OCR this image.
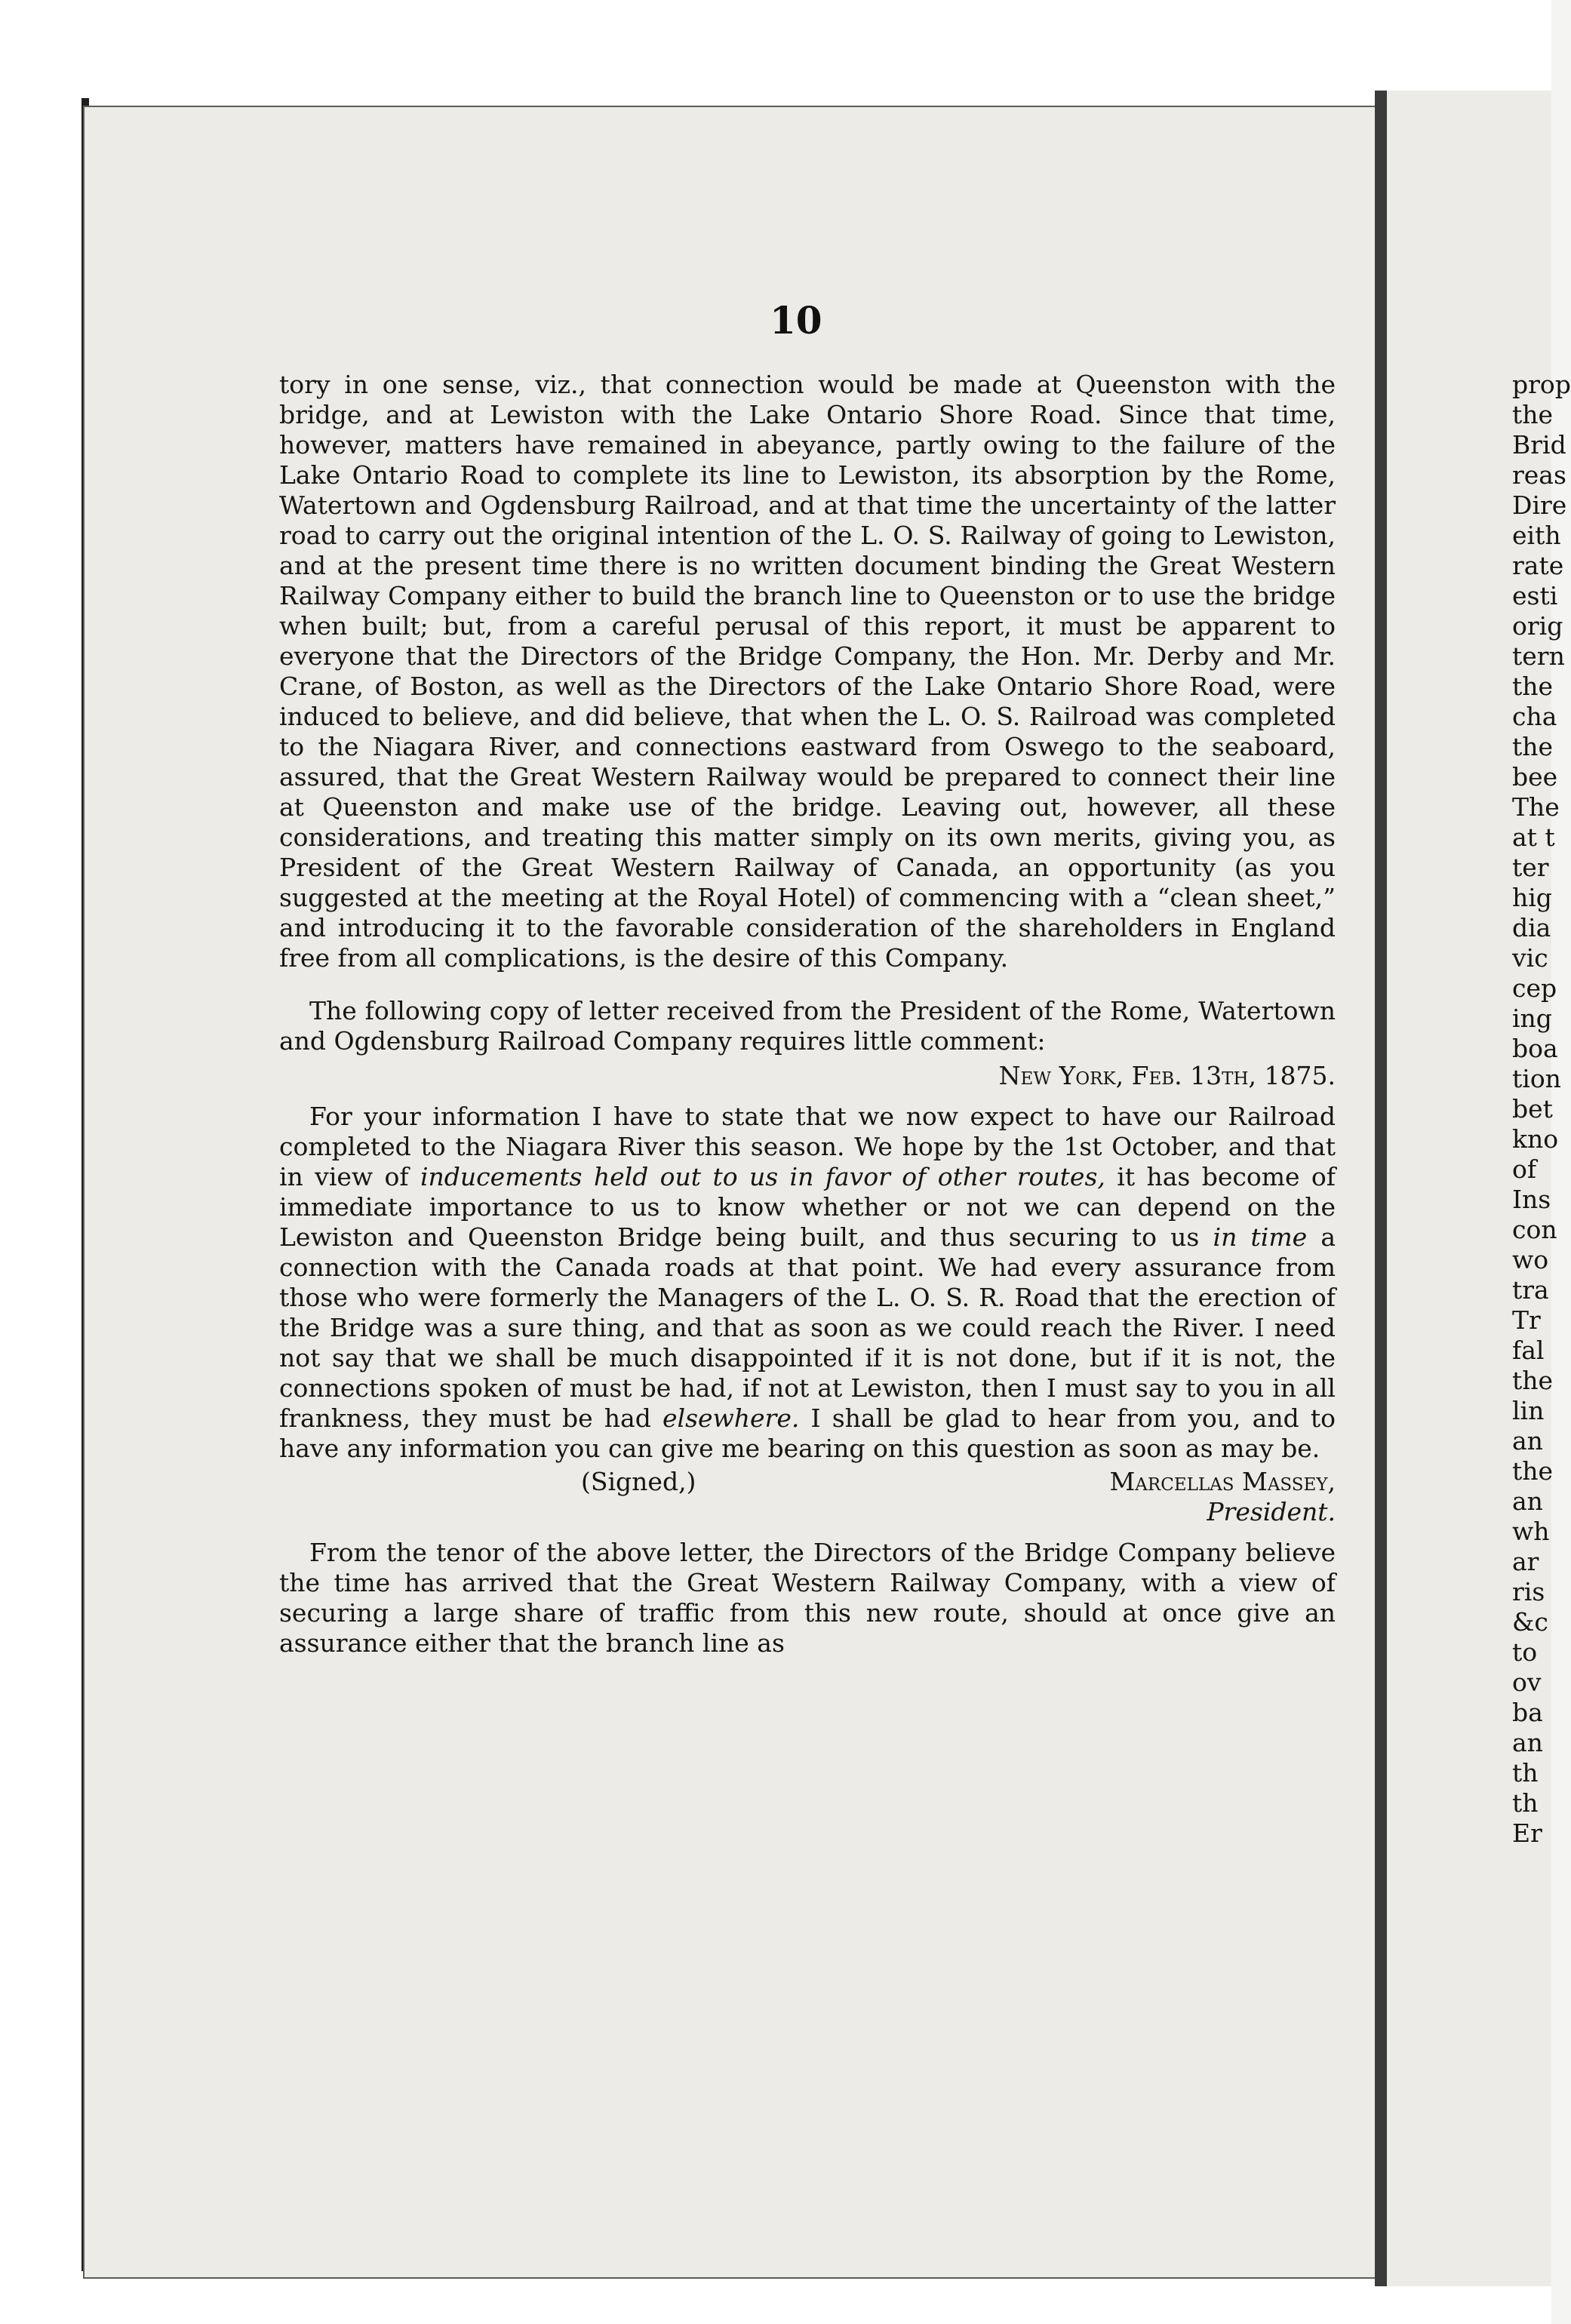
10

tory in one sense, viz., that connection would be made at Queenston with the bridge, and at Lewiston with the Lake Ontario Shore Road. Since that time, however, matters have remained in abeyance, partly owing to the failure of the Lake Ontario Road to complete its line to Lewiston, its absorption by the Rome, Watertown and Ogdensburg Railroad, and at that time the uncertainty of the latter road to carry out the original intention of the L. O. S. Railway of going to Lewiston, and at the present time there is no written document binding the Great Western Railway Company either to build the branch line to Queenston or to use the bridge when built; but, from a careful perusal of this report, it must be apparent to everyone that the Directors of the Bridge Company, the Hon. Mr. Derby and Mr. Crane, of Boston, as well as the Directors of the Lake Ontario Shore Road, were induced to believe, and did believe, that when the L. O. S. Railroad was completed to the Niagara River, and connections eastward from Oswego to the seaboard, assured, that the Great Western Railway would be prepared to connect their line at Queenston and make use of the bridge. Leaving out, however, all these considerations, and treating this matter simply on its own merits, giving you, as President of the Great Western Railway of Canada, an opportunity (as you suggested at the meeting at the Royal Hotel) of commencing with a “clean sheet,” and introducing it to the favorable consideration of the shareholders in England free from all complications, is the desire of this Company.

The following copy of letter received from the President of the Rome, Watertown and Ogdensburg Railroad Company requires little comment:

New York, Feb. 13th, 1875.

For your information I have to state that we now expect to have our Railroad completed to the Niagara River this season. We hope by the 1st October, and that in view of inducements held out to us in favor of other routes, it has become of immediate importance to us to know whether or not we can depend on the Lewiston and Queenston Bridge being built, and thus securing to us in time a connection with the Canada roads at that point. We had every assurance from those who were formerly the Managers of the L. O. S. R. Road that the erection of the Bridge was a sure thing, and that as soon as we could reach the River. I need not say that we shall be much disappointed if it is not done, but if it is not, the connections spoken of must be had, if not at Lewiston, then I must say to you in all frankness, they must be had elsewhere. I shall be glad to hear from you, and to have any information you can give me bearing on this question as soon as may be.

(Signed,)	Marcellas Massey,
President.

From the tenor of the above letter, the Directors of the Bridge Company believe the time has arrived that the Great Western Railway Company, with a view of securing a large share of traffic from this new route, should at once give an assurance either that the branch line as

prop
the
Brid
reas
Dire
eith
rate
esti
orig
tern
the
cha
the
bee
The
at t
ter
hig
dia
vic
cep
ing
boa
tion
bet
kno
of
Ins
con
wo
tra
Tr
fal
the
lin
an
the
an
wh
ar
ris
&c
to
ov
ba
an
th
th
Er
